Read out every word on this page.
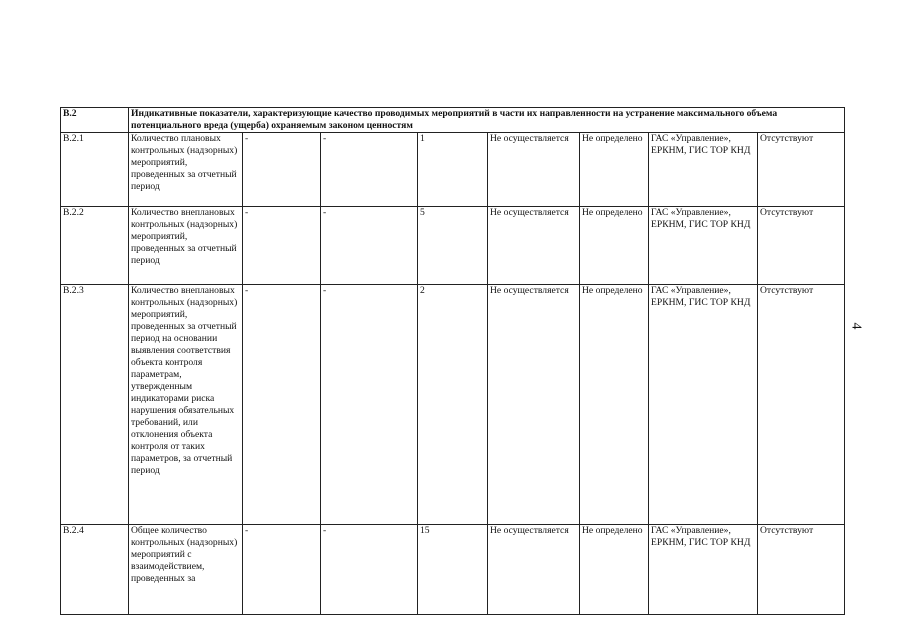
В.2	Индикативные показатели, характеризующие качество проводимых мероприятий в части их направленности на устранение максимального объема потенциального вреда (ущерба) охраняемым законом ценностям							
В.2.1	Количество плановых контрольных (надзорных) мероприятий, проведенных за отчетный период	-	-	1	Не осуществляется	Не определено	ГАС «Управление», ЕРКНМ, ГИС ТОР КНД	Отсутствуют
В.2.2	Количество внеплановых контрольных (надзорных) мероприятий, проведенных за отчетный период	-	-	5	Не осуществляется	Не определено	ГАС «Управление», ЕРКНМ, ГИС ТОР КНД	Отсутствуют
В.2.3	Количество внеплановых контрольных (надзорных) мероприятий, проведенных за отчетный период на основании выявления соответствия объекта контроля параметрам, утвержденным индикаторами риска нарушения обязательных требований, или отклонения объекта контроля от таких параметров, за отчетный период	-	-	2	Не осуществляется	Не определено	ГАС «Управление», ЕРКНМ, ГИС ТОР КНД	Отсутствуют
В.2.4	Общее количество контрольных (надзорных) мероприятий с взаимодействием, проведенных за	-	-	15	Не осуществляется	Не определено	ГАС «Управление», ЕРКНМ, ГИС ТОР КНД	Отсутствуют
4
